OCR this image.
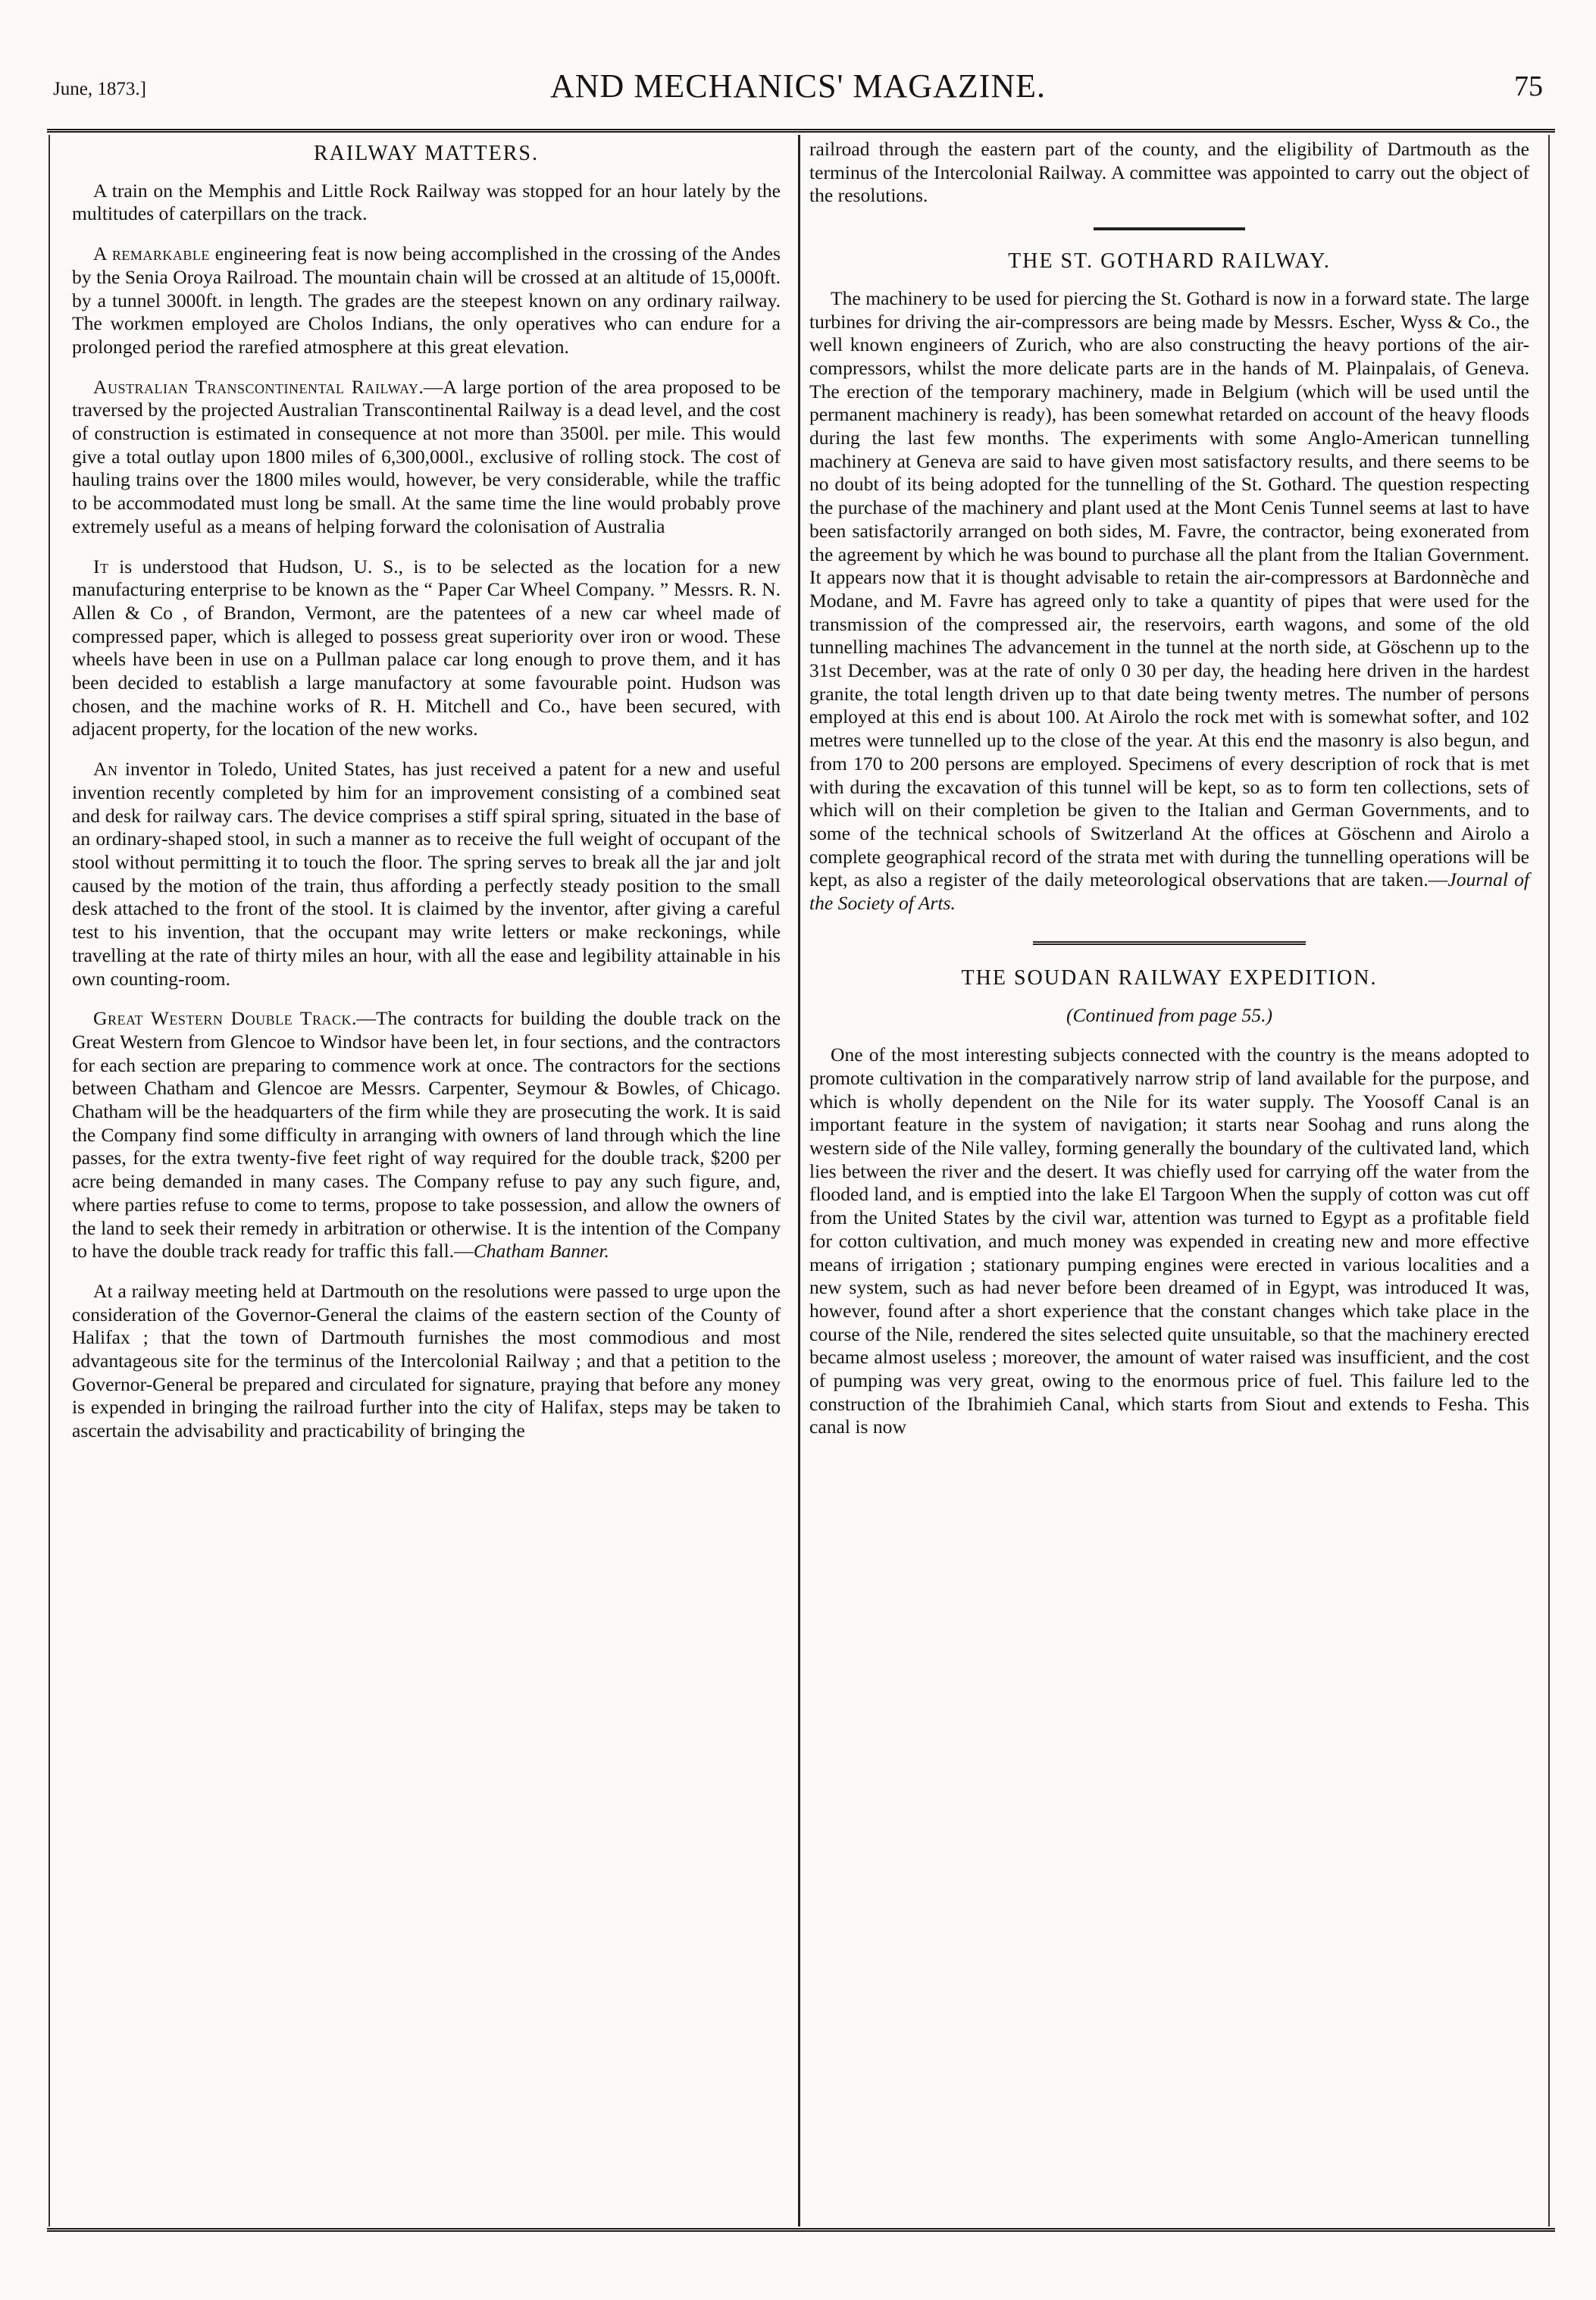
June, 1873.]	AND MECHANICS' MAGAZINE.	75
RAILWAY MATTERS.

A train on the Memphis and Little Rock Railway was stopped for an hour lately by the multitudes of caterpillars on the track.

A remarkable engineering feat is now being accomplished in the crossing of the Andes by the Senia Oroya Railroad. The mountain chain will be crossed at an altitude of 15,000ft. by a tunnel 3000ft. in length. The grades are the steepest known on any ordinary railway. The workmen employed are Cholos Indians, the only operatives who can endure for a prolonged period the rarefied atmosphere at this great elevation.

Australian Transcontinental Railway.—A large portion of the area proposed to be traversed by the projected Australian Transcontinental Railway is a dead level, and the cost of construction is estimated in consequence at not more than 3500l. per mile. This would give a total outlay upon 1800 miles of 6,300,000l., exclusive of rolling stock. The cost of hauling trains over the 1800 miles would, however, be very considerable, while the traffic to be accommodated must long be small. At the same time the line would probably prove extremely useful as a means of helping forward the colonisation of Australia

It is understood that Hudson, U. S., is to be selected as the location for a new manufacturing enterprise to be known as the “ Paper Car Wheel Company. ” Messrs. R. N. Allen & Co , of Brandon, Vermont, are the patentees of a new car wheel made of compressed paper, which is alleged to possess great superiority over iron or wood. These wheels have been in use on a Pullman palace car long enough to prove them, and it has been decided to establish a large manufactory at some favourable point. Hudson was chosen, and the machine works of R. H. Mitchell and Co., have been secured, with adjacent property, for the location of the new works.

An inventor in Toledo, United States, has just received a patent for a new and useful invention recently completed by him for an improvement consisting of a combined seat and desk for railway cars. The device comprises a stiff spiral spring, situated in the base of an ordinary-shaped stool, in such a manner as to receive the full weight of occupant of the stool without permitting it to touch the floor. The spring serves to break all the jar and jolt caused by the motion of the train, thus affording a perfectly steady position to the small desk attached to the front of the stool. It is claimed by the inventor, after giving a careful test to his invention, that the occupant may write letters or make reckonings, while travelling at the rate of thirty miles an hour, with all the ease and legibility attainable in his own counting-room.

Great Western Double Track.—The contracts for building the double track on the Great Western from Glencoe to Windsor have been let, in four sections, and the contractors for each section are preparing to commence work at once. The contractors for the sections between Chatham and Glencoe are Messrs. Carpenter, Seymour & Bowles, of Chicago. Chatham will be the headquarters of the firm while they are prosecuting the work. It is said the Company find some difficulty in arranging with owners of land through which the line passes, for the extra twenty-five feet right of way required for the double track, $200 per acre being demanded in many cases. The Company refuse to pay any such figure, and, where parties refuse to come to terms, propose to take possession, and allow the owners of the land to seek their remedy in arbitration or otherwise. It is the intention of the Company to have the double track ready for traffic this fall.—Chatham Banner.

At a railway meeting held at Dartmouth on the resolutions were passed to urge upon the consideration of the Governor-General the claims of the eastern section of the County of Halifax ; that the town of Dartmouth furnishes the most commodious and most advantageous site for the terminus of the Intercolonial Railway ; and that a petition to the Governor-General be prepared and circulated for signature, praying that before any money is expended in bringing the railroad further into the city of Halifax, steps may be taken to ascertain the advisability and practicability of bringing the

railroad through the eastern part of the county, and the eligibility of Dartmouth as the terminus of the Intercolonial Railway. A committee was appointed to carry out the object of the resolutions.

THE ST. GOTHARD RAILWAY.

The machinery to be used for piercing the St. Gothard is now in a forward state. The large turbines for driving the air-compressors are being made by Messrs. Escher, Wyss & Co., the well known engineers of Zurich, who are also constructing the heavy portions of the air-compressors, whilst the more delicate parts are in the hands of M. Plainpalais, of Geneva. The erection of the temporary machinery, made in Belgium (which will be used until the permanent machinery is ready), has been somewhat retarded on account of the heavy floods during the last few months. The experiments with some Anglo-American tunnelling machinery at Geneva are said to have given most satisfactory results, and there seems to be no doubt of its being adopted for the tunnelling of the St. Gothard. The question respecting the purchase of the machinery and plant used at the Mont Cenis Tunnel seems at last to have been satisfactorily arranged on both sides, M. Favre, the contractor, being exonerated from the agreement by which he was bound to purchase all the plant from the Italian Government. It appears now that it is thought advisable to retain the air-compressors at Bardonnèche and Modane, and M. Favre has agreed only to take a quantity of pipes that were used for the transmission of the compressed air, the reservoirs, earth wagons, and some of the old tunnelling machines The advancement in the tunnel at the north side, at Göschenn up to the 31st December, was at the rate of only 0 30 per day, the heading here driven in the hardest granite, the total length driven up to that date being twenty metres. The number of persons employed at this end is about 100. At Airolo the rock met with is somewhat softer, and 102 metres were tunnelled up to the close of the year. At this end the masonry is also begun, and from 170 to 200 persons are employed. Specimens of every description of rock that is met with during the excavation of this tunnel will be kept, so as to form ten collections, sets of which will on their completion be given to the Italian and German Governments, and to some of the technical schools of Switzerland At the offices at Göschenn and Airolo a complete geographical record of the strata met with during the tunnelling operations will be kept, as also a register of the daily meteorological observations that are taken.—Journal of the Society of Arts.

THE SOUDAN RAILWAY EXPEDITION.

(Continued from page 55.)

One of the most interesting subjects connected with the country is the means adopted to promote cultivation in the comparatively narrow strip of land available for the purpose, and which is wholly dependent on the Nile for its water supply. The Yoosoff Canal is an important feature in the system of navigation; it starts near Soohag and runs along the western side of the Nile valley, forming generally the boundary of the cultivated land, which lies between the river and the desert. It was chiefly used for carrying off the water from the flooded land, and is emptied into the lake El Targoon When the supply of cotton was cut off from the United States by the civil war, attention was turned to Egypt as a profitable field for cotton cultivation, and much money was expended in creating new and more effective means of irrigation ; stationary pumping engines were erected in various localities and a new system, such as had never before been dreamed of in Egypt, was introduced It was, however, found after a short experience that the constant changes which take place in the course of the Nile, rendered the sites selected quite unsuitable, so that the machinery erected became almost useless ; moreover, the amount of water raised was insufficient, and the cost of pumping was very great, owing to the enormous price of fuel. This failure led to the construction of the Ibrahimieh Canal, which starts from Siout and extends to Fesha. This canal is now
